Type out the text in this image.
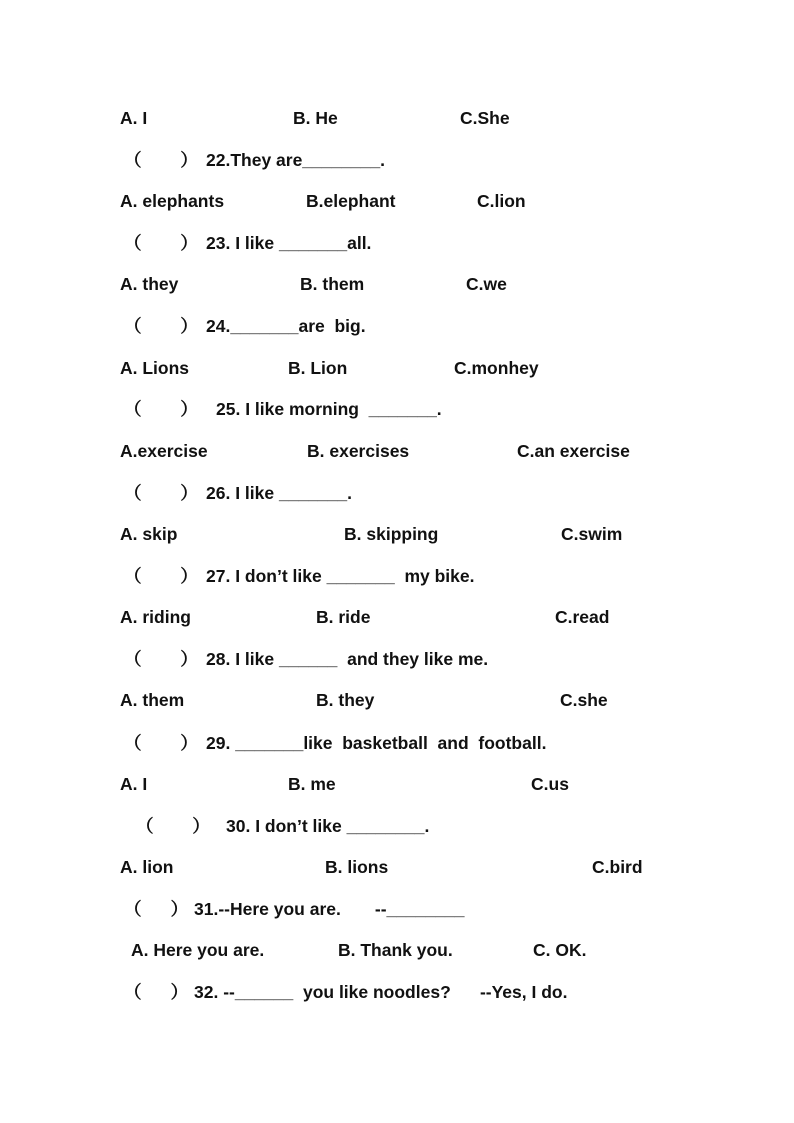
A. I

	B. He

	C.She

（        ）

22.They are________.

A. elephants

	B.elephant

	C.lion

（        ）

23. I like _______all.

A. they

	B. them

	C.we

（        ）

24._______are  big.

A. Lions

	B. Lion

	C.monhey

（        ）

25. I like morning  _______.

A.exercise

	B. exercises

	C.an exercise

（        ）

26. I like _______.

A. skip

	B. skipping

	C.swim

（        ）

27. I don’t like _______  my bike.

A. riding

	B. ride

	C.read

（        ）

28. I like ______  and they like me.

A. them

	B. they

	C.she

（        ）

29. _______like  basketball  and  football.

A. I

	B. me

	C.us

（        ）

30. I don’t like ________.

A. lion

	B. lions

	C.bird

（      ）

31.--Here you are.       --________

A. Here you are.

	B. Thank you.

	C. OK.

（      ）

32. --______  you like noodles?      --Yes, I do.
